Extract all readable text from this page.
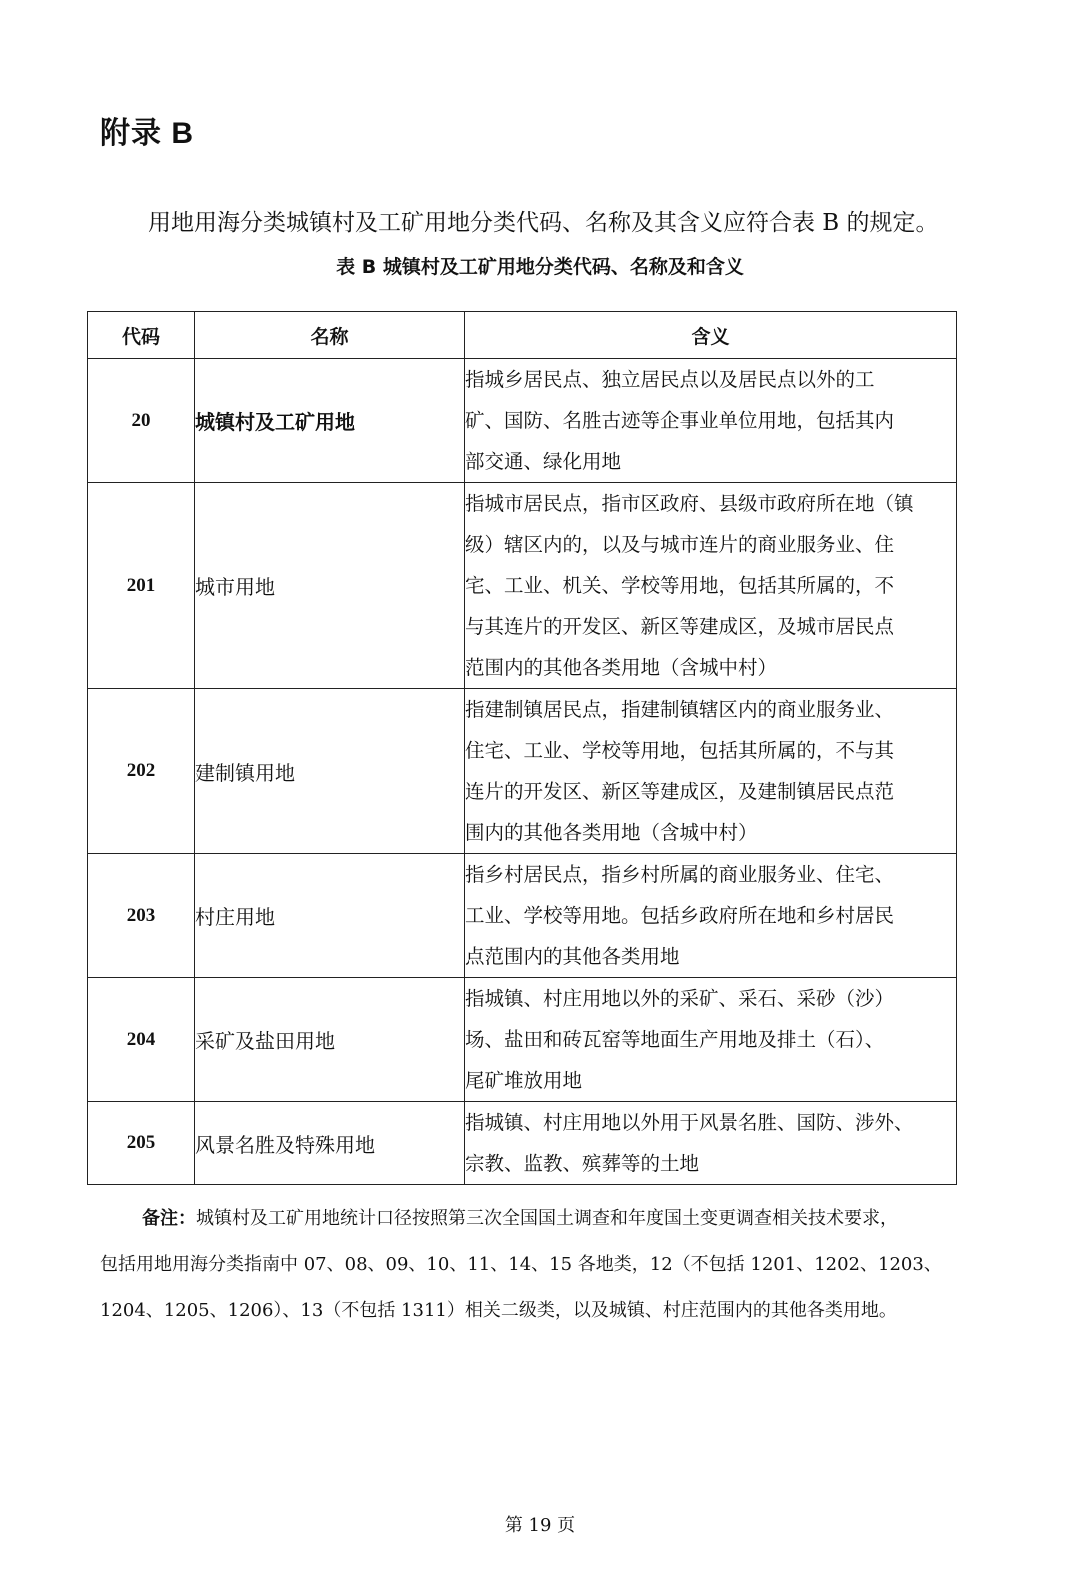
附录 B
用地用海分类城镇村及工矿用地分类代码、名称及其含义应符合表 B 的规定。
表 B 城镇村及工矿用地分类代码、名称及和含义
代码	名称	含义
20	城镇村及工矿用地	指城乡居民点、独立居民点以及居民点以外的工
矿、国防、名胜古迹等企事业单位用地，包括其内
部交通、绿化用地

201	城市用地	指城市居民点，指市区政府、县级市政府所在地（镇
级）辖区内的，以及与城市连片的商业服务业、住
宅、工业、机关、学校等用地，包括其所属的，不
与其连片的开发区、新区等建成区，及城市居民点
范围内的其他各类用地（含城中村）

202	建制镇用地	指建制镇居民点，指建制镇辖区内的商业服务业、
住宅、工业、学校等用地，包括其所属的，不与其
连片的开发区、新区等建成区，及建制镇居民点范
围内的其他各类用地（含城中村）

203	村庄用地	指乡村居民点，指乡村所属的商业服务业、住宅、
工业、学校等用地。包括乡政府所在地和乡村居民
点范围内的其他各类用地

204	采矿及盐田用地	指城镇、村庄用地以外的采矿、采石、采砂（沙）
场、盐田和砖瓦窑等地面生产用地及排土（石）、
尾矿堆放用地

205	风景名胜及特殊用地	指城镇、村庄用地以外用于风景名胜、国防、涉外、
宗教、监教、殡葬等的土地
备注：城镇村及工矿用地统计口径按照第三次全国国土调查和年度国土变更调查相关技术要求，
包括用地用海分类指南中 07、08、09、10、11、14、15 各地类，12（不包括 1201、1202、1203、
1204、1205、1206）、13（不包括 1311）相关二级类，以及城镇、村庄范围内的其他各类用地。
第 19 页
